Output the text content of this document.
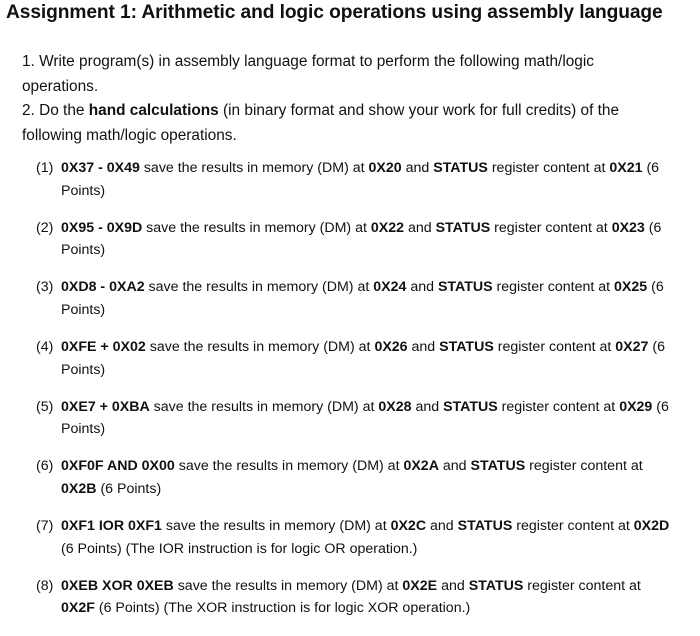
Assignment 1: Arithmetic and logic operations using assembly language

1. Write program(s) in assembly language format to perform the following math/logic operations.

2. Do the hand calculations (in binary format and show your work for full credits) of the following math/logic operations.

(1) 0X37 - 0X49 save the results in memory (DM) at 0X20 and STATUS register content at 0X21 (6 Points)
(2) 0X95 - 0X9D save the results in memory (DM) at 0X22 and STATUS register content at 0X23 (6 Points)
(3) 0XD8 - 0XA2 save the results in memory (DM) at 0X24 and STATUS register content at 0X25 (6 Points)
(4) 0XFE + 0X02 save the results in memory (DM) at 0X26 and STATUS register content at 0X27 (6 Points)
(5) 0XE7 + 0XBA save the results in memory (DM) at 0X28 and STATUS register content at 0X29 (6 Points)
(6) 0XF0F AND 0X00 save the results in memory (DM) at 0X2A and STATUS register content at 0X2B (6 Points)
(7) 0XF1 IOR 0XF1 save the results in memory (DM) at 0X2C and STATUS register content at 0X2D (6 Points) (The IOR instruction is for logic OR operation.)
(8) 0XEB XOR 0XEB save the results in memory (DM) at 0X2E and STATUS register content at 0X2F (6 Points) (The XOR instruction is for logic XOR operation.)
